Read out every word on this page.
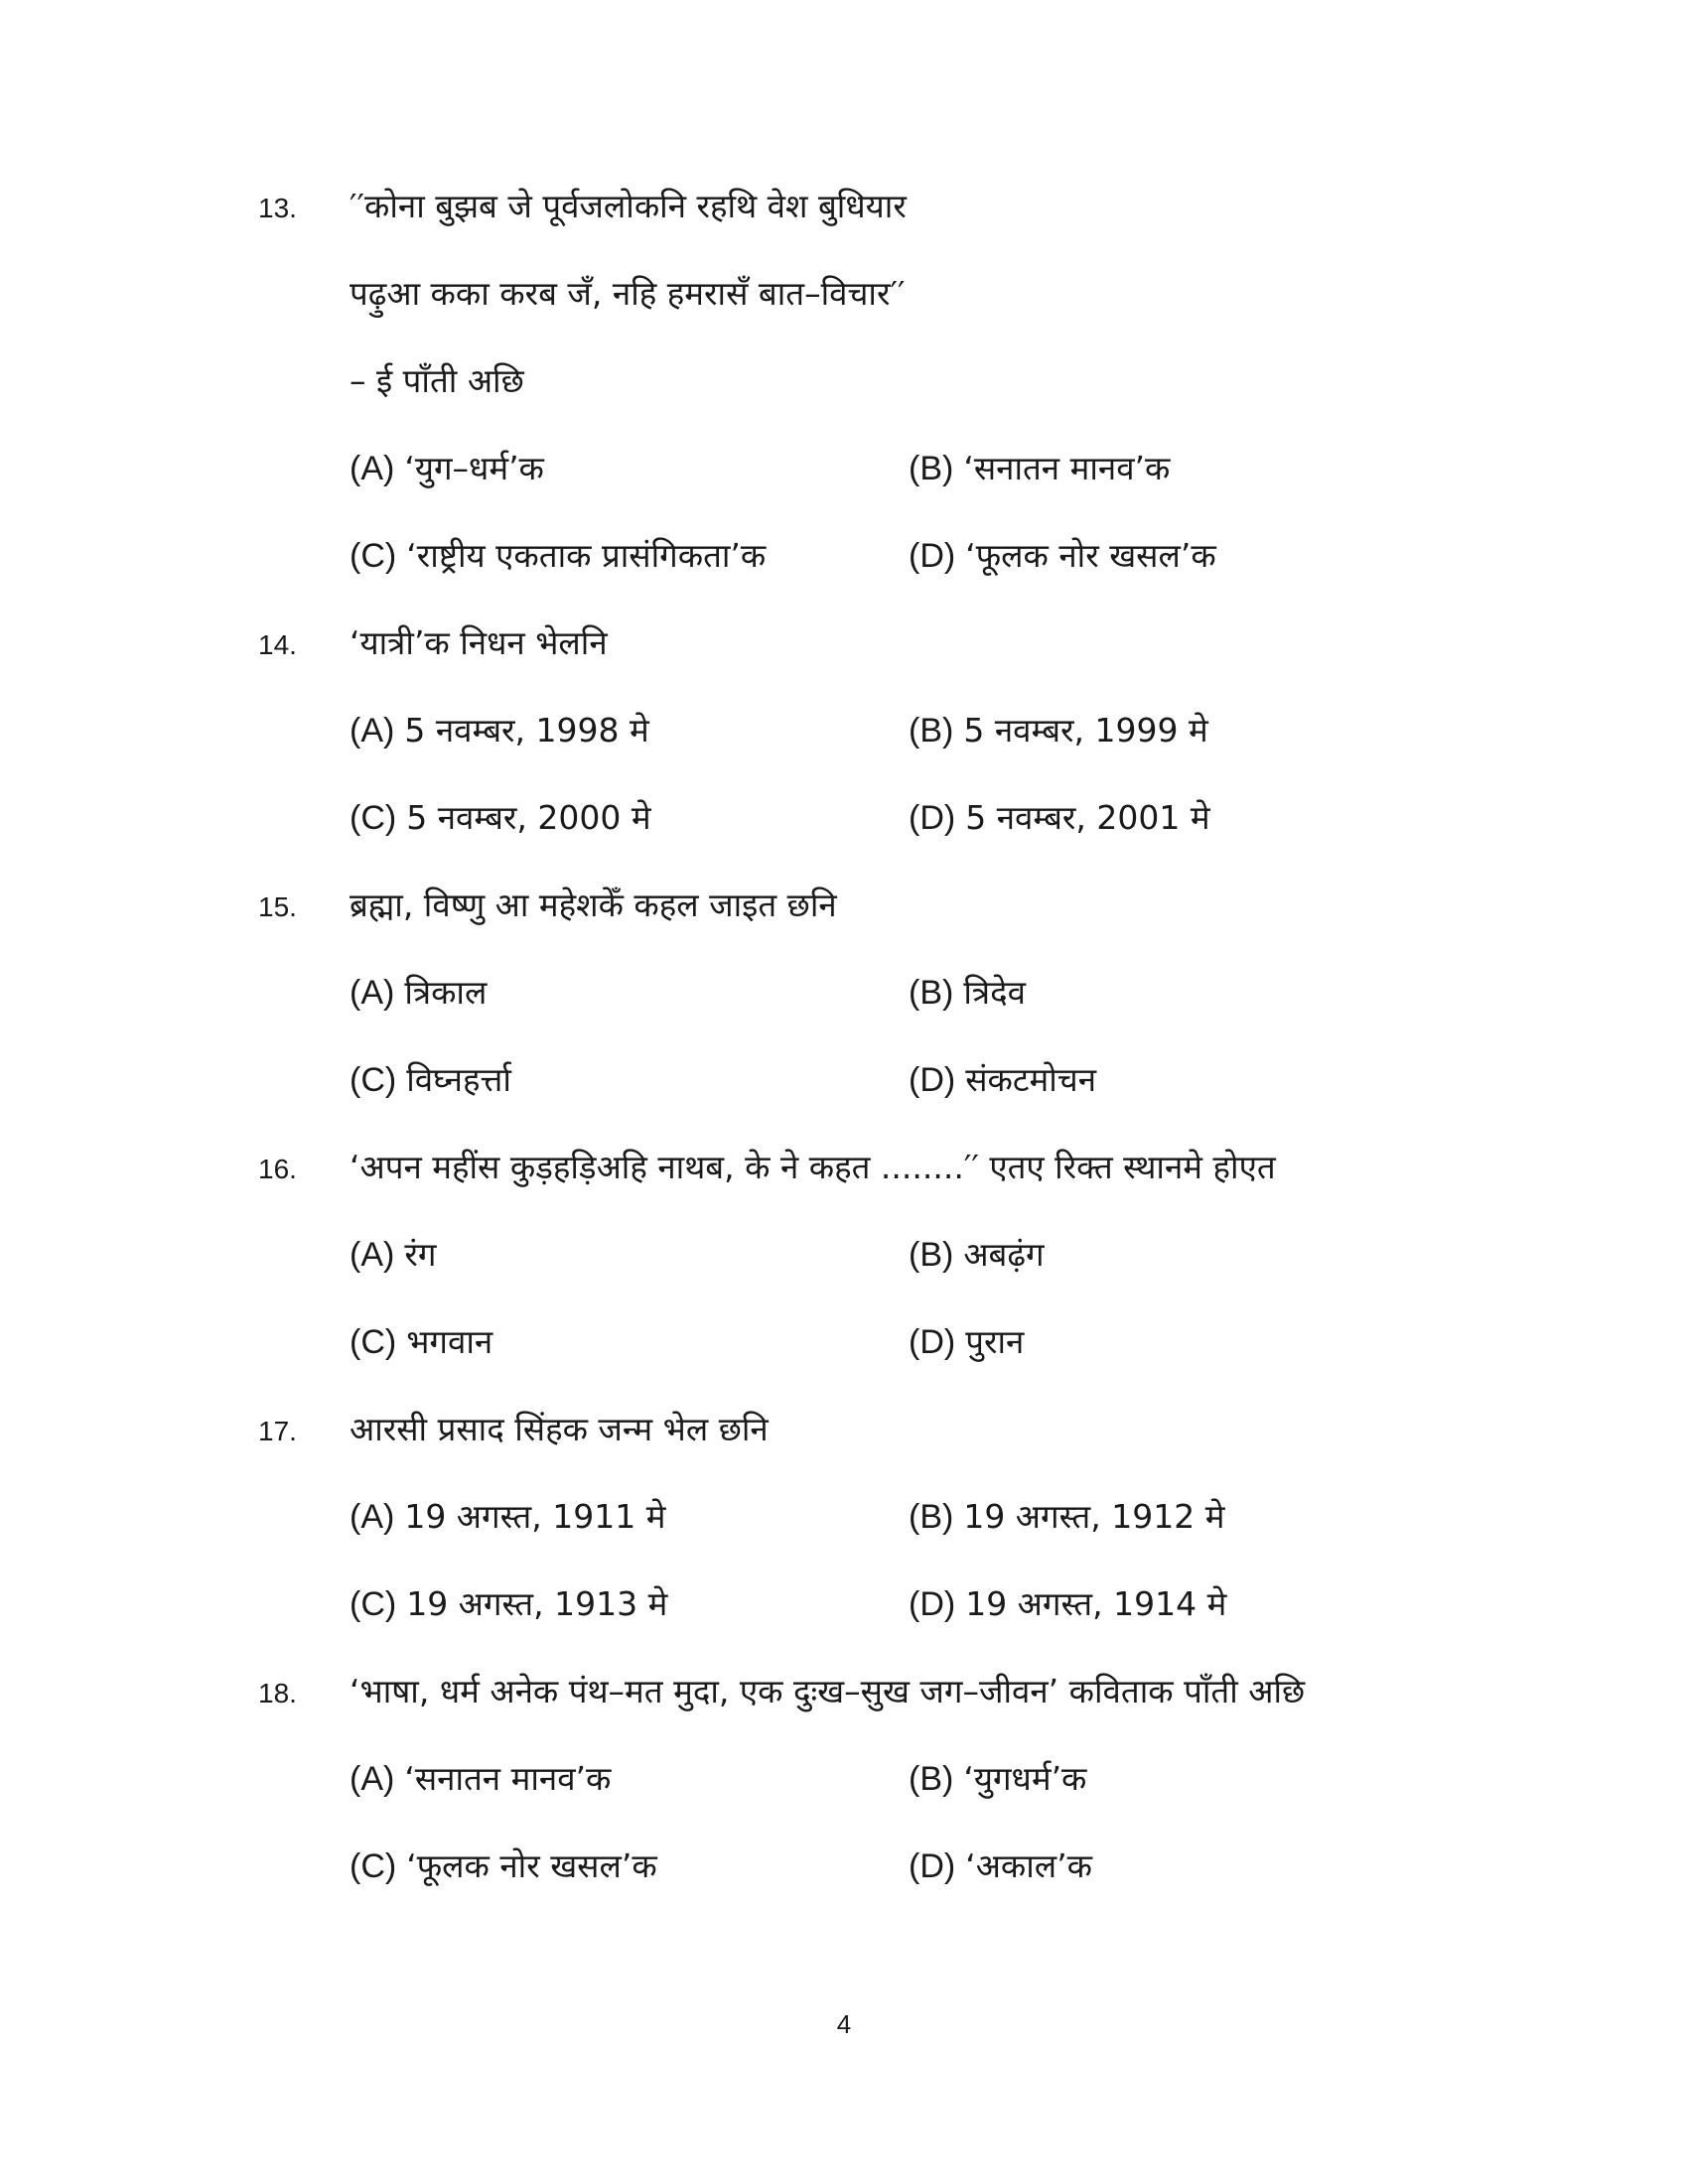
13. ′′कोना बुझब जे पूर्वजलोकनि रहथि वेश बुधियार
पढ़ुआ कका करब जँ, नहि हमरासँ बात–विचार′′
– ई पाँती अछि
(A) ‘युग–धर्म’क	(B) ‘सनातन मानव’क
(C) ‘राष्ट्रीय एकताक प्रासंगिकता’क	(D) ‘फूलक नोर खसल’क
14. ‘यात्री’क निधन भेलनि
(A) 5 नवम्बर, 1998 मे	(B) 5 नवम्बर, 1999 मे
(C) 5 नवम्बर, 2000 मे	(D) 5 नवम्बर, 2001 मे
15. ब्रह्मा, विष्णु आ महेशकेँ कहल जाइत छनि
(A) त्रिकाल	(B) त्रिदेव
(C) विघ्नहर्त्ता	(D) संकटमोचन
16. ‘अपन महींस कुड़हड़िअहि नाथब, के ने कहत ........′′ एतए रिक्त स्थानमे होएत
(A) रंग	(B) अबढ़ंग
(C) भगवान	(D) पुरान
17. आरसी प्रसाद सिंहक जन्म भेल छनि
(A) 19 अगस्त, 1911 मे	(B) 19 अगस्त, 1912 मे
(C) 19 अगस्त, 1913 मे	(D) 19 अगस्त, 1914 मे
18. ‘भाषा, धर्म अनेक पंथ–मत मुदा, एक दुःख–सुख जग–जीवन’ कविताक पाँती अछि
(A) ‘सनातन मानव’क	(B) ‘युगधर्म’क
(C) ‘फूलक नोर खसल’क	(D) ‘अकाल’क
4
